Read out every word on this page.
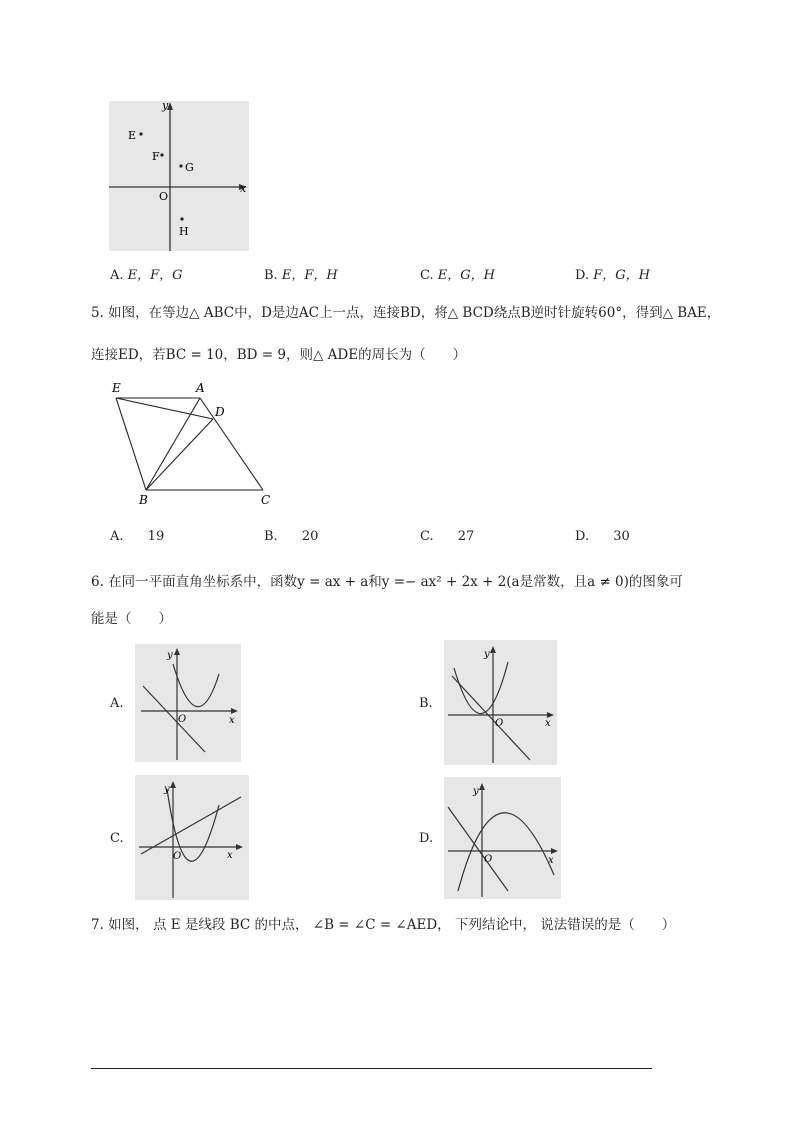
y
x
E
F
G
O
H
A. E，F，G	B. E，F，H	C. E，G，H	D. F，G，H
5. 如图，在等边△ ABC中，D是边AC上一点，连接BD，将△ BCD绕点B逆时针旋转60°，得到△ BAE，
连接ED，若BC = 10，BD = 9，则△ ADE的周长为（　　）
E	A
D
B	C
A. 19	B. 20	C. 27	D. 30
6. 在同一平面直角坐标系中，函数y = ax + a和y =− ax² + 2x + 2(a是常数，且a ≠ 0)的图象可
能是（　　）
A.
y
x
O
B.
y
x
O
C.
y
x
O
D.
y
x
O
7. 如图， 点 E 是线段 BC 的中点， ∠B = ∠C = ∠AED， 下列结论中， 说法错误的是（　　）
